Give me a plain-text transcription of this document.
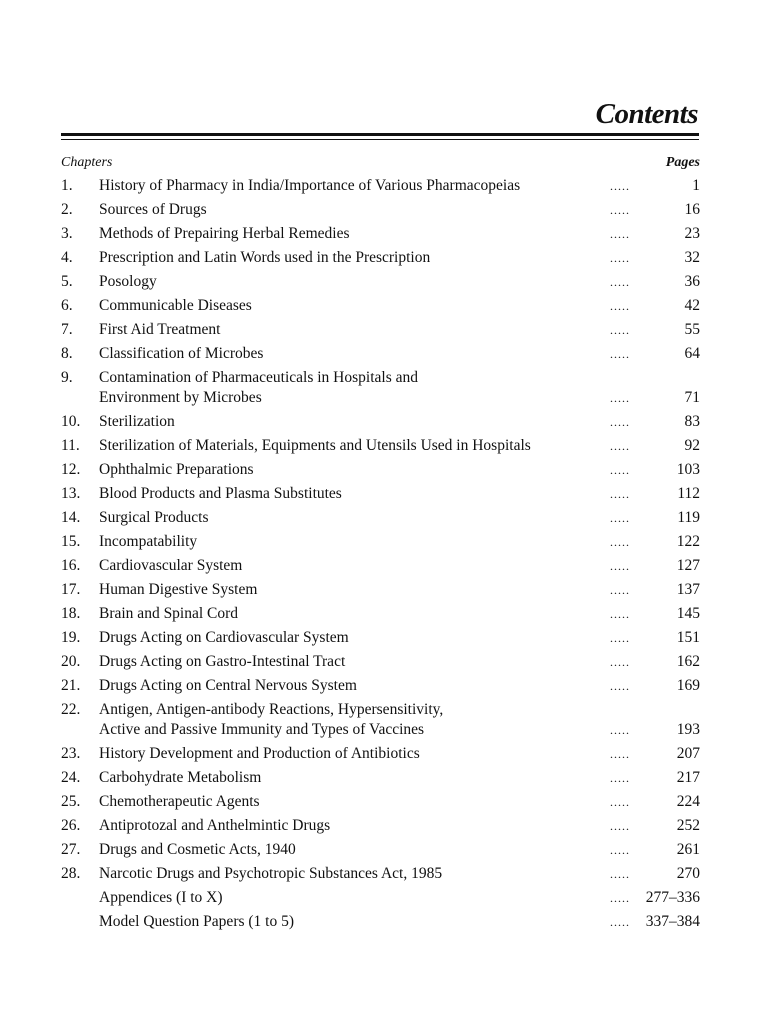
Contents
Chapters	Pages
1. History of Pharmacy in India/Importance of Various Pharmacopeias	.....	1
2. Sources of Drugs	.....	16
3. Methods of Prepairing Herbal Remedies	.....	23
4. Prescription and Latin Words used in the Prescription	.....	32
5. Posology	.....	36
6. Communicable Diseases	.....	42
7. First Aid Treatment	.....	55
8. Classification of Microbes	.....	64
9. Contamination of Pharmaceuticals in Hospitals and
Environment by Microbes	.....	71
10. Sterilization	.....	83
11. Sterilization of Materials, Equipments and Utensils Used in Hospitals	.....	92
12. Ophthalmic Preparations	.....	103
13. Blood Products and Plasma Substitutes	.....	112
14. Surgical Products	.....	119
15. Incompatability	.....	122
16. Cardiovascular System	.....	127
17. Human Digestive System	.....	137
18. Brain and Spinal Cord	.....	145
19. Drugs Acting on Cardiovascular System	.....	151
20. Drugs Acting on Gastro-Intestinal Tract	.....	162
21. Drugs Acting on Central Nervous System	.....	169
22. Antigen, Antigen-antibody Reactions, Hypersensitivity,
Active and Passive Immunity and Types of Vaccines	.....	193
23. History Development and Production of Antibiotics	.....	207
24. Carbohydrate Metabolism	.....	217
25. Chemotherapeutic Agents	.....	224
26. Antiprotozal and Anthelmintic Drugs	.....	252
27. Drugs and Cosmetic Acts, 1940	.....	261
28. Narcotic Drugs and Psychotropic Substances Act, 1985	.....	270
Appendices (I to X)	..... 277–336
Model Question Papers (1 to 5)	..... 337–384
